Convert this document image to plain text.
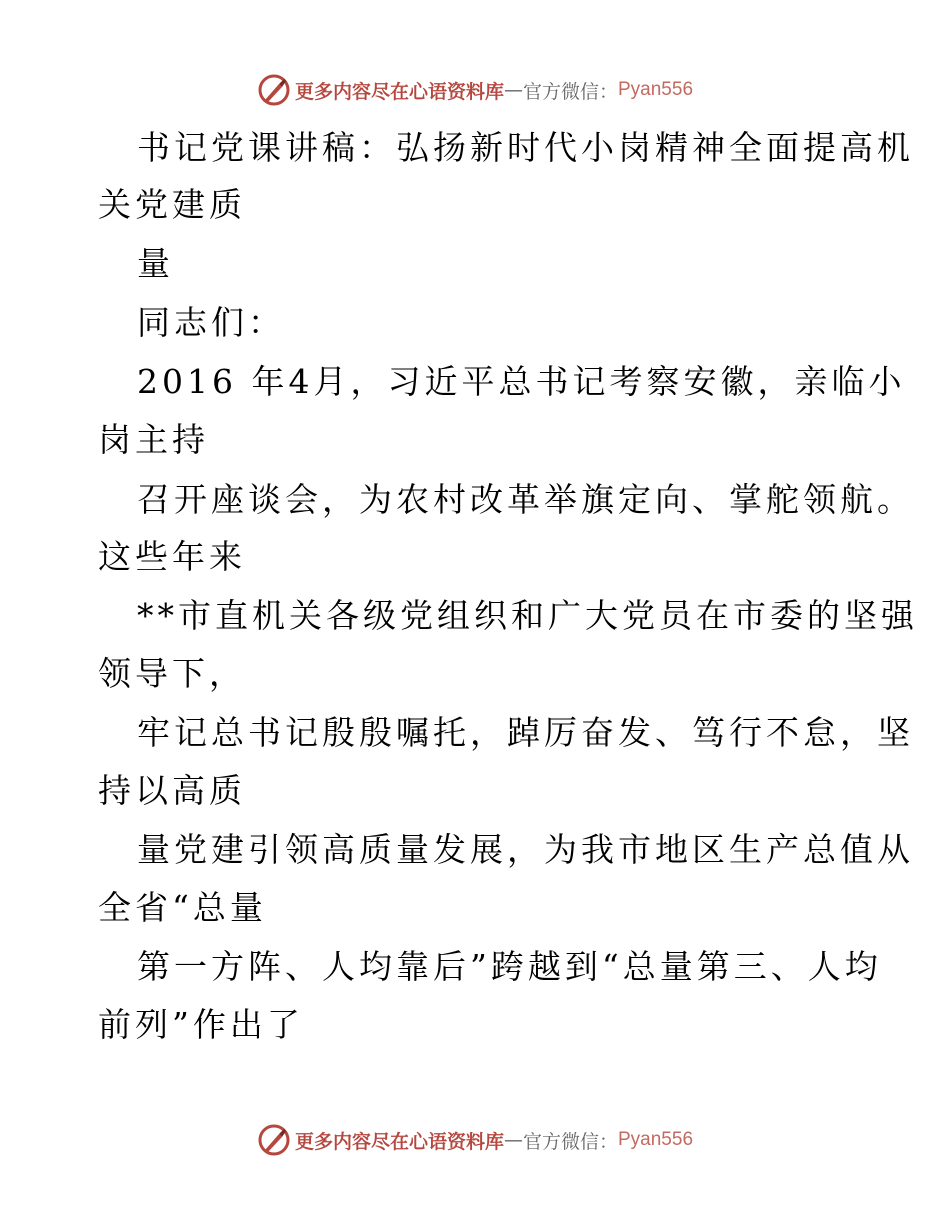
更多内容尽在心语资料库 — 官方微信： Pyan556
书记党课讲稿：弘扬新时代小岗精神全面提高机
关党建质
量
同志们：
2016 年4月，习近平总书记考察安徽，亲临小
岗主持
召开座谈会，为农村改革举旗定向、掌舵领航。
这些年来
**市直机关各级党组织和广大党员在市委的坚强
领导下，
牢记总书记殷殷嘱托，踔厉奋发、笃行不怠，坚
持以高质
量党建引领高质量发展，为我市地区生产总值从
全省“总量
第一方阵、人均靠后”跨越到“总量第三、人均
前列”作出了
更多内容尽在心语资料库 — 官方微信： Pyan556
